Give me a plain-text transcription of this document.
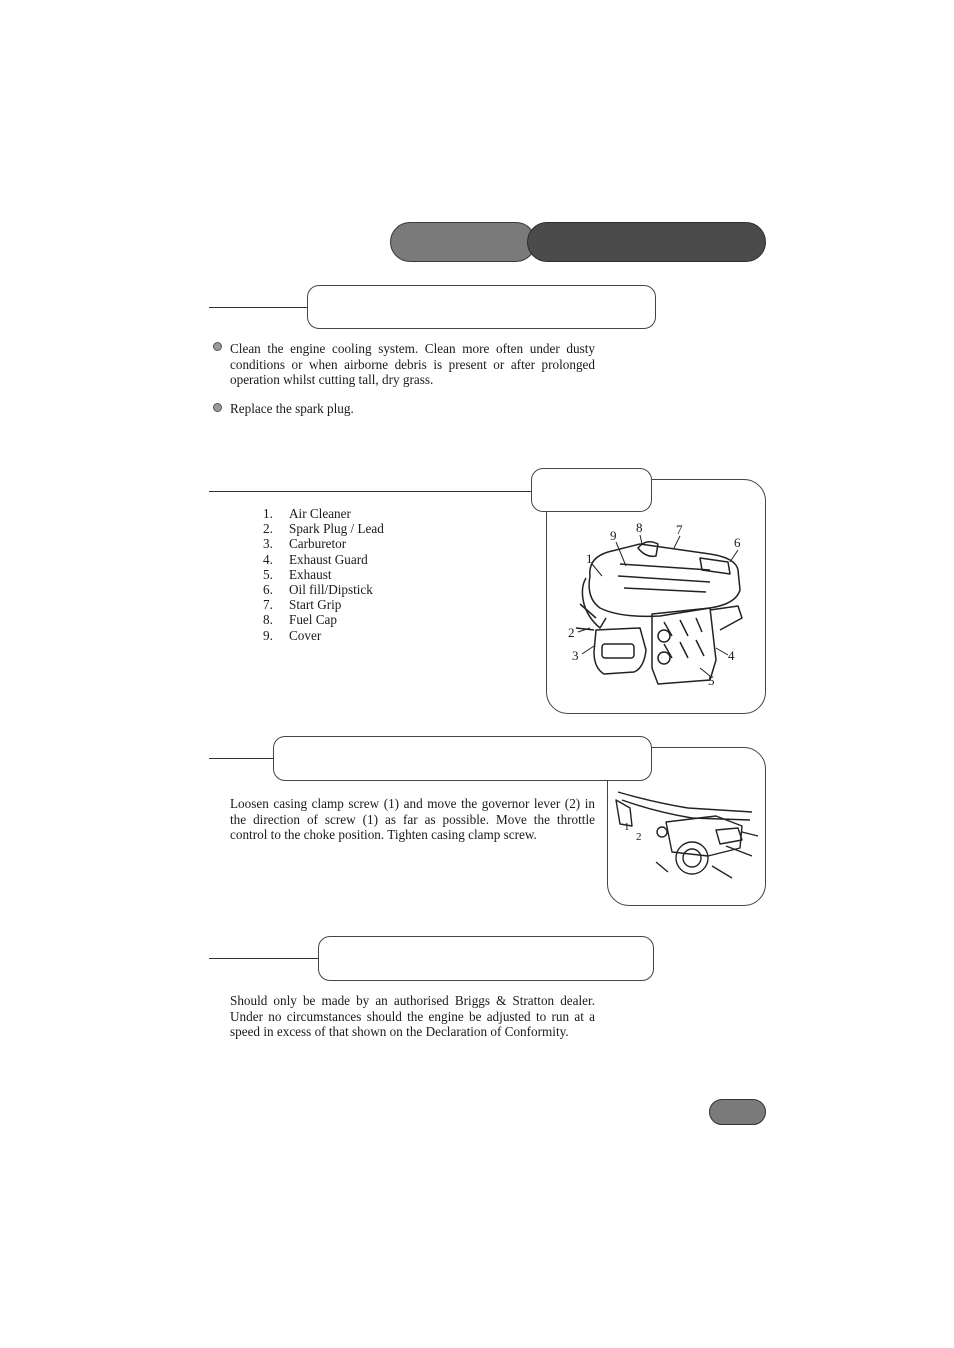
Clean the engine cooling system. Clean more often under dusty conditions or when airborne debris is present or after prolonged operation whilst cutting tall, dry grass.
Replace the spark plug.
1.	Air Cleaner
2.	Spark Plug / Lead
3.	Carburetor
4.	Exhaust Guard
5.	Exhaust
6.	Oil fill/Dipstick
7.	Start Grip
8.	Fuel Cap
9.	Cover
1
2
3	4
5
6
7
8
9
Loosen casing clamp screw (1) and move the governor lever (2) in the direction of screw (1) as far as possible. Move the throttle control to the choke position. Tighten casing clamp screw.	1
2
Should only be made by an authorised Briggs & Stratton dealer. Under no circumstances should the engine be adjusted to run at a speed in excess of that shown on the Declaration of Conformity.
